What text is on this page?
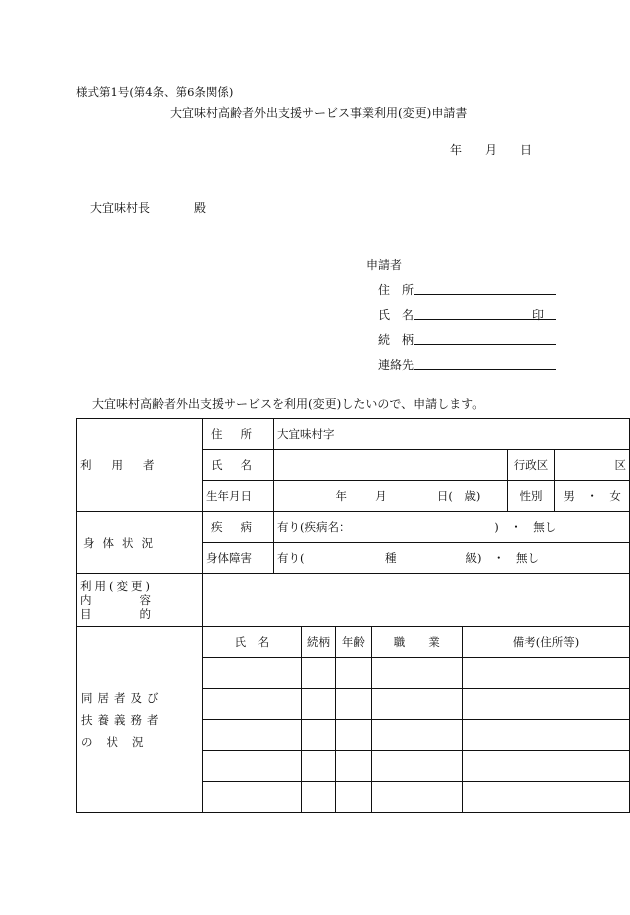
様式第1号(第4条、第6条関係)
大宜味村高齢者外出支援サービス事業利用(変更)申請書
年 月 日
大宜味村長	殿
申請者
住　所
氏　名	印
続　柄
連絡先
大宜味村高齢者外出支援サービスを利用(変更)したいので、申請します。
利用者	住所	大宜味村字						
	氏名						行政区	区
	生年月日	年 月 日(　歳)					性別	男　・　女
身体状況	疾病	有り(疾病名：　　　　　　　　　　　　　)　・　無し						
	身体障害	有り(　　　　　　　種　　　　　　級)　・　無し						

利用(変更)
内容
目的								

同居者及び
扶養義務者
の状況	氏　名		続柄	年齢	職　　業	備考(住所等)		
